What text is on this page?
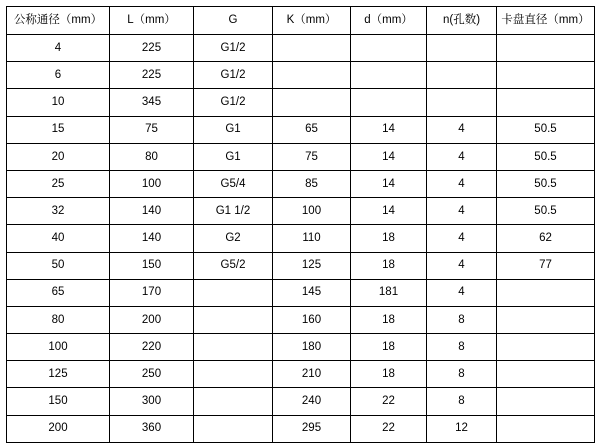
公称通径（mm）	L（mm）	G	K（mm）	d（mm）	n(孔数)	卡盘直径（mm）
4	225	G1/2				
6	225	G1/2				
10	345	G1/2				
15	75	G1	65	14	4	50.5
20	80	G1	75	14	4	50.5
25	100	G5/4	85	14	4	50.5
32	140	G1 1/2	100	14	4	50.5
40	140	G2	110	18	4	62
50	150	G5/2	125	18	4	77
65	170		145	181	4	
80	200		160	18	8	
100	220		180	18	8	
125	250		210	18	8	
150	300		240	22	8	
200	360		295	22	12	
